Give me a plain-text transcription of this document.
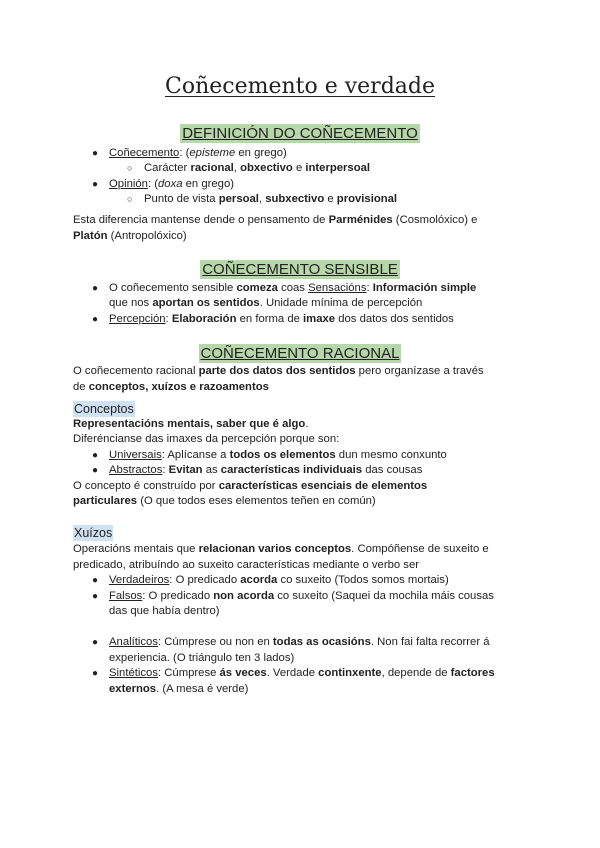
Coñecemento e verdade
DEFINICIÓN DO COÑECEMENTO
● Coñecemento: (episteme en grego)
○ Carácter racional, obxectivo e interpersoal
● Opinión: (doxa en grego)
○ Punto de vista persoal, subxectivo e provisional
Esta diferencia mantense dende o pensamento de Parménides (Cosmolóxico) e
Platón (Antropolóxico)
COÑECEMENTO SENSIBLE
● O coñecemento sensible comeza coas Sensacións: Información simple
que nos aportan os sentidos. Unidade mínima de percepción
● Percepción: Elaboración en forma de imaxe dos datos dos sentidos
COÑECEMENTO RACIONAL
O coñecemento racional parte dos datos dos sentidos pero organízase a través
de conceptos, xuízos e razoamentos
Conceptos
Representacións mentais, saber que é algo.
Diferéncianse das imaxes da percepción porque son:
● Universais: Aplícanse a todos os elementos dun mesmo conxunto
● Abstractos: Evitan as características individuais das cousas
O concepto é construído por características esenciais de elementos
particulares (O que todos eses elementos teñen en común)
Xuízos
Operacións mentais que relacionan varios conceptos. Compóñense de suxeito e
predicado, atribuíndo ao suxeito características mediante o verbo ser
● Verdadeiros: O predicado acorda co suxeito (Todos somos mortais)
● Falsos: O predicado non acorda co suxeito (Saquei da mochila máis cousas
das que había dentro)
● Analíticos: Cúmprese ou non en todas as ocasións. Non fai falta recorrer á
experiencia. (O triángulo ten 3 lados)
● Sintéticos: Cúmprese ás veces. Verdade continxente, depende de factores
externos. (A mesa é verde)
